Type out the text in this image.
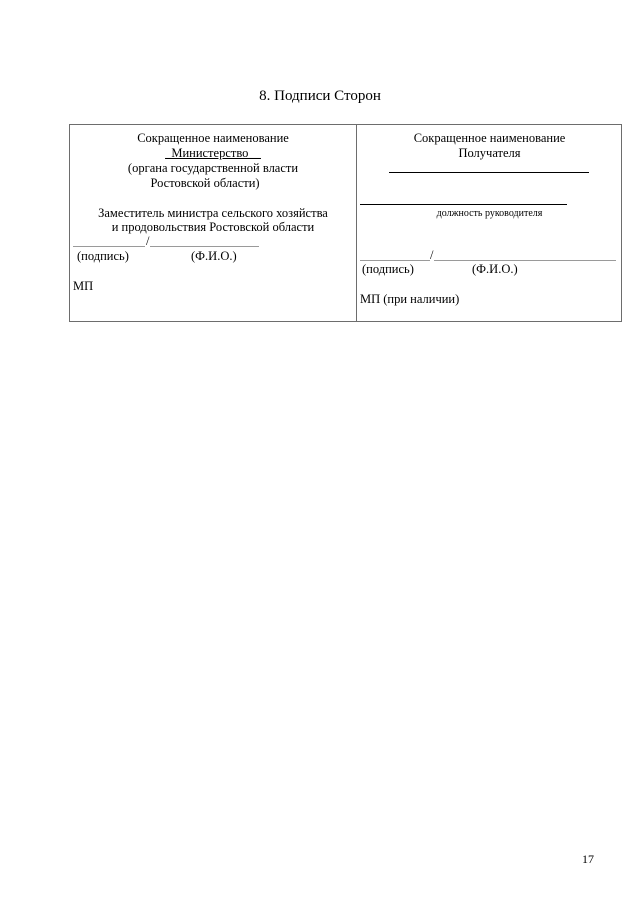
8. Подписи Сторон
Сокращенное наименование
_Министерство__
(органа государственной власти
Ростовской области)
Заместитель министра сельского хозяйства
и продовольствия Ростовской области
/
(подпись)	(Ф.И.О.)
МП
Сокращенное наименование
Получателя
должность руководителя
/
(подпись)	(Ф.И.О.)
МП (при наличии)
17
